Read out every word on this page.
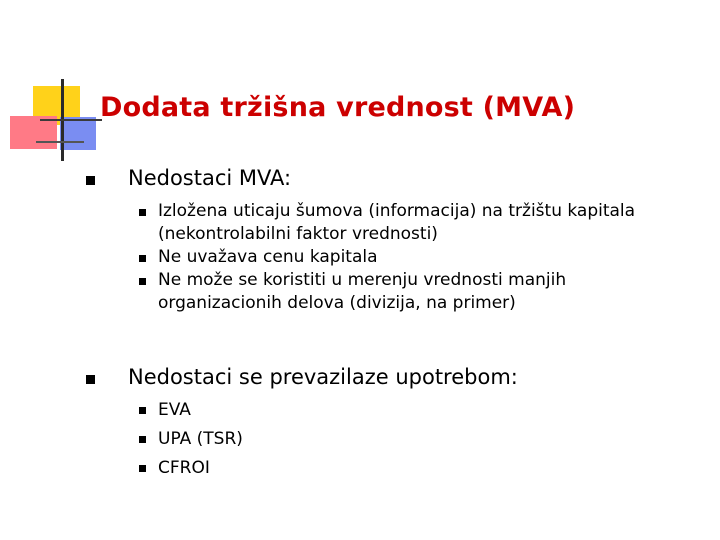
Dodata tržišna vrednost (MVA)
Nedostaci MVA:
Izložena uticaju šumova (informacija) na tržištu kapitala (nekontrolabilni faktor vrednosti)
Ne uvažava cenu kapitala
Ne može se koristiti u merenju vrednosti manjih organizacionih delova (divizija, na primer)
Nedostaci se prevazilaze upotrebom:
EVA
UPA (TSR)
CFROI
